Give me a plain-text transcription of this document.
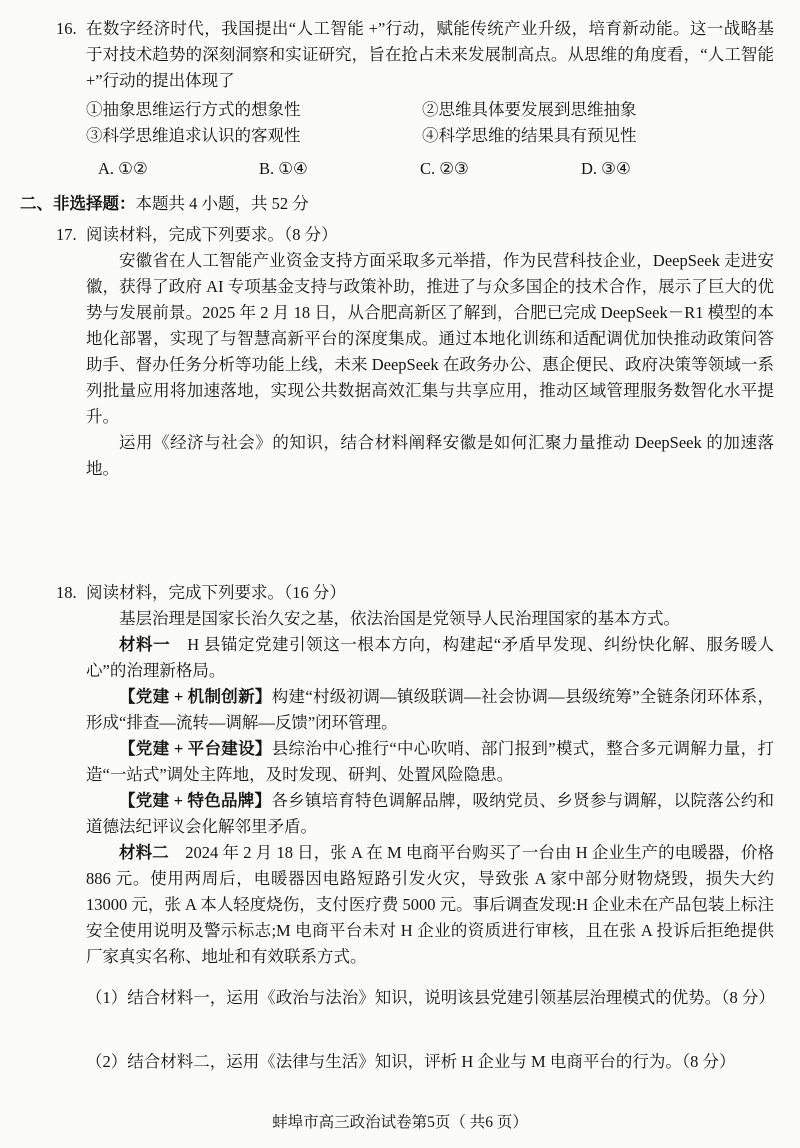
16. 在数字经济时代，我国提出“人工智能 +”行动，赋能传统产业升级，培育新动能。这一战略基于对技术趋势的深刻洞察和实证研究，旨在抢占未来发展制高点。从思维的角度看，“人工智能 +”行动的提出体现了

①抽象思维运行方式的想象性	②思维具体要发展到思维抽象
③科学思维追求认识的客观性	④科学思维的结果具有预见性
A. ①②	B. ①④	C. ②③	D. ③④

二、非选择题：本题共 4 小题，共 52 分

17. 阅读材料，完成下列要求。（8 分）

安徽省在人工智能产业资金支持方面采取多元举措，作为民营科技企业，DeepSeek 走进安徽，获得了政府 AI 专项基金支持与政策补助，推进了与众多国企的技术合作，展示了巨大的优势与发展前景。2025 年 2 月 18 日，从合肥高新区了解到，合肥已完成 DeepSeek－R1 模型的本地化部署，实现了与智慧高新平台的深度集成。通过本地化训练和适配调优加快推动政策问答助手、督办任务分析等功能上线，未来 DeepSeek 在政务办公、惠企便民、政府决策等领域一系列批量应用将加速落地，实现公共数据高效汇集与共享应用，推动区域管理服务数智化水平提升。

运用《经济与社会》的知识，结合材料阐释安徽是如何汇聚力量推动 DeepSeek 的加速落地。

18. 阅读材料，完成下列要求。（16 分）

基层治理是国家长治久安之基，依法治国是党领导人民治理国家的基本方式。

材料一　H 县锚定党建引领这一根本方向，构建起“矛盾早发现、纠纷快化解、服务暖人心”的治理新格局。

【党建 + 机制创新】构建“村级初调—镇级联调—社会协调—县级统筹”全链条闭环体系，形成“排查—流转—调解—反馈”闭环管理。

【党建 + 平台建设】县综治中心推行“中心吹哨、部门报到”模式，整合多元调解力量，打造“一站式”调处主阵地，及时发现、研判、处置风险隐患。

【党建 + 特色品牌】各乡镇培育特色调解品牌，吸纳党员、乡贤参与调解，以院落公约和道德法纪评议会化解邻里矛盾。

材料二　2024 年 2 月 18 日，张 A 在 M 电商平台购买了一台由 H 企业生产的电暖器，价格 886 元。使用两周后，电暖器因电路短路引发火灾，导致张 A 家中部分财物烧毁，损失大约 13000 元，张 A 本人轻度烧伤，支付医疗费 5000 元。事后调查发现:H 企业未在产品包装上标注安全使用说明及警示标志;M 电商平台未对 H 企业的资质进行审核，且在张 A 投诉后拒绝提供厂家真实名称、地址和有效联系方式。

（1）结合材料一，运用《政治与法治》知识，说明该县党建引领基层治理模式的优势。（8 分）

（2）结合材料二，运用《法律与生活》知识，评析 H 企业与 M 电商平台的行为。（8 分）

蚌埠市高三政治试卷第5页（ 共6 页）
